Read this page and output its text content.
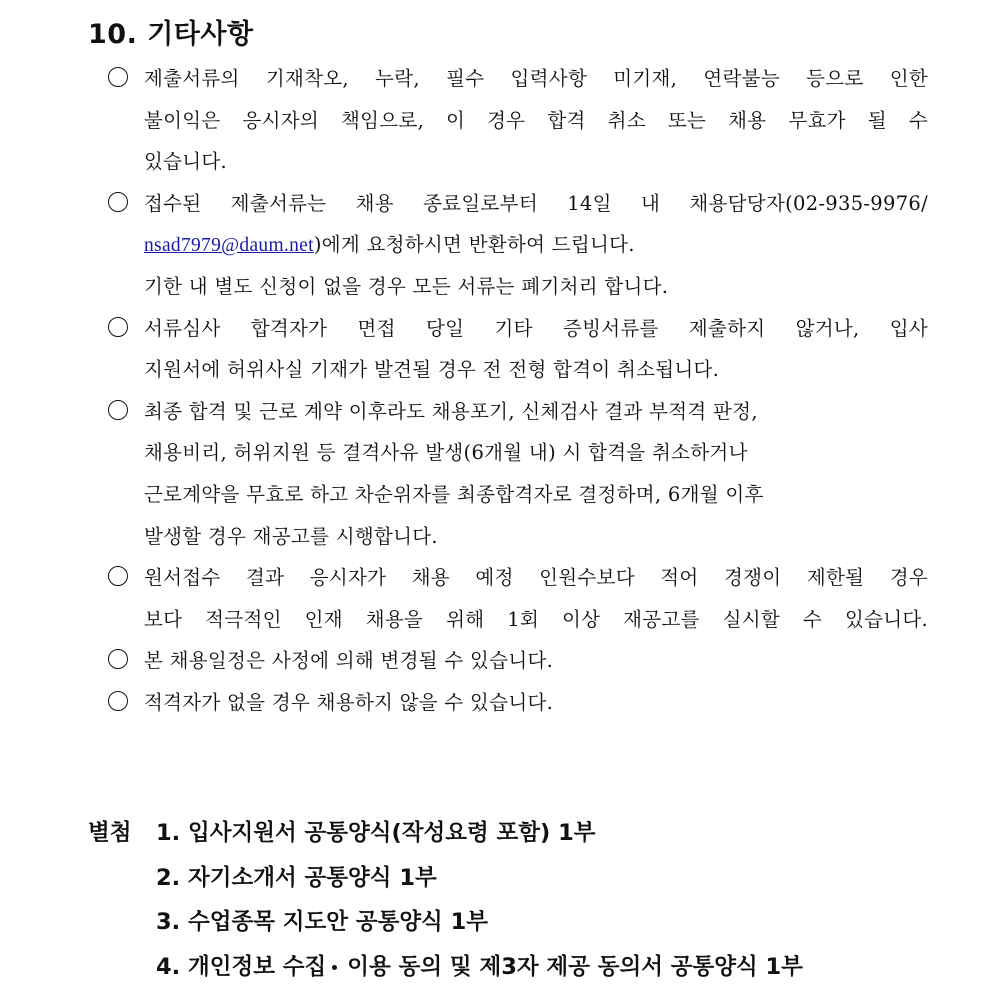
10. 기타사항
제출서류의 기재착오, 누락, 필수 입력사항 미기재, 연락불능 등으로 인한
불이익은 응시자의 책임으로, 이 경우 합격 취소 또는 채용 무효가 될 수
있습니다.
접수된 제출서류는 채용 종료일로부터 14일 내 채용담당자(02-935-9976/
nsad7979@daum.net)에게 요청하시면 반환하여 드립니다.
기한 내 별도 신청이 없을 경우 모든 서류는 폐기처리 합니다.
서류심사 합격자가 면접 당일 기타 증빙서류를 제출하지 않거나, 입사
지원서에 허위사실 기재가 발견될 경우 전 전형 합격이 취소됩니다.
최종 합격 및 근로 계약 이후라도 채용포기, 신체검사 결과 부적격 판정,
채용비리, 허위지원 등 결격사유 발생(6개월 내) 시 합격을 취소하거나
근로계약을 무효로 하고 차순위자를 최종합격자로 결정하며, 6개월 이후
발생할 경우 재공고를 시행합니다.
원서접수 결과 응시자가 채용 예정 인원수보다 적어 경쟁이 제한될 경우
보다 적극적인 인재 채용을 위해 1회 이상 재공고를 실시할 수 있습니다.
본 채용일정은 사정에 의해 변경될 수 있습니다.
적격자가 없을 경우 채용하지 않을 수 있습니다.
별첨 1. 입사지원서 공통양식(작성요령 포함) 1부
2. 자기소개서 공통양식 1부
3. 수업종목 지도안 공통양식 1부
4. 개인정보 수집 이용 동의 및 제3자 제공 동의서 공통양식 1부
